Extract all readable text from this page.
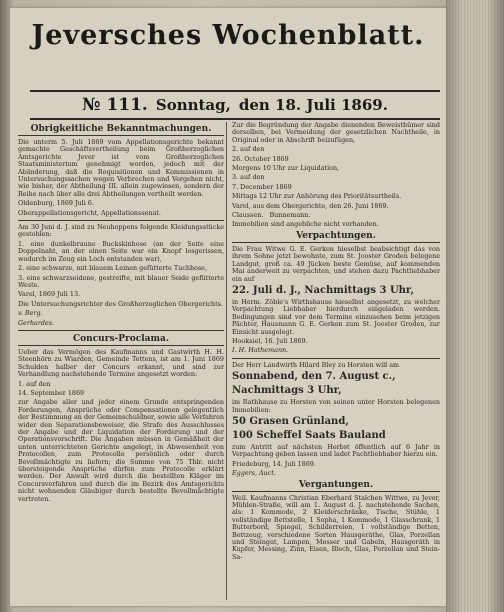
Jeversches Wochenblatt.
№ 111. Sonntag, den 18. Juli 1869.
Obrigkeitliche Bekanntmachungen.

Die unterm 5. Juli 1869 vom Appellationsgerichte bekannt gemachte Geschäftsvertheilung beim Großherzoglichen Amtsgerichte Jever ist vom Großherzoglichen Staatsministerium genehmigt worden, jedoch mit der Abänderung, daß die Requisitionen und Kommissionen in Untersuchungssachen wegen Verbrechen und Vergehen nicht, wie bisher, der Abtheilung III. allein zugewiesen, sondern der Reihe nach über alle drei Abtheilungen vertheilt werden.

Oldenburg, 1869 Juli 6.

Oberappellationsgericht, Appellationssenat.

Am 30 Juni d. J. sind zu Neuhoppens folgende Kleidungsstücke gestohlen:

1. eine dunkelbraune Buckskinhose (an der Seite eine Doppelnaht, an der einen Seite war ein Knopf losgerissen, wodurch im Zeug ein Loch entstanden war),

2. eine schwarze, mit blauem Leinen gefütterte Tuchhose,

3. eine schwarzseidene, gestreifte, mit blauer Seide gefütterte Weste.

Varel, 1869 Juli 13.

Die Untersuchungsrichter des Großherzoglichen Obergerichts.

v. Berg.

Gerhardes.

Concurs-Proclama.

Ueber das Vermögen des Kaufmanns und Gastwirth H. H. Steenhörn zu Wiarden, Gemeinde Tettens, ist am 1. Juni 1869 Schulden halber der Concurs erkannt, und sind zur Verhandlung nachstehende Termine angesetzt worden:

1. auf den

14. September 1869

zur Angabe aller und jeder einem Grunde entspringenden Forderungen, Ansprüche oder Compensationen gelegentlich der Bestimmung an der Gemeinschuldner, sowie alle Verfahren wider den Separationsbeweiser, die Strafe des Ausschlusses der Angabe und der Liquidation der Forderung und der Operationsvorschrift. Die Angaben müssen in Gemäßheit der unten unterrichteten Gerichte angelegt, in Abwesenheit von Protocollen, zum Protocolle persönlich oder durch Bevollmächtigte zu liefern; die Summe von 75 Thlr. nicht übersteigende Ansprüche dürfen zum Protocolle erklärt werden. Der Anwalt wird durch die bestellten Kläger im Concursverfahren und durch die im Bezirk des Amtsgerichts nicht wohnenden Gläubiger durch bestellte Bevollmächtigte vertreten.

Zur die Begründung der Angabe dienenden Beweisthümer sind derselben, bei Vermeidung der gesetzlichen Nachtheile, in Original oder in Abschrift beizufügen,

2. auf den

26. October 1869

Morgens 10 Uhr zur Liquidation,

3. auf den

7. December 1869

Mittags 12 Uhr zur Anhörung des Prioritätsurtheils.

Varel, aus dem Obergerichte, den 26. Juni 1869.

Claussen. Bunnemann.

Immobilien sind angebliche nicht vorhanden.

Verpachtungen.

Die Frau Witwe G. E. Gerken hieselbst beabsichtigt das von ihrem Sohne jetzt bewohnte, zum St. Jooster Groden belegene Landgut, groß ca. 49 Jücken beste Gemüse, auf kommenden Mai anderweit zu verpachten, und stehen dazu Pachtliebhaber ein auf

22. Juli d. J., Nachmittags 3 Uhr,

in Herm. Zöble's Wirthshause hieselbst angesetzt, zu welcher Verpachtung Liebhaber hierdurch eingeladen werden. Bedingungen sind vor dem Termine einzusehen beim jetzigen Pächter, Hausmann G. E. Gerken zum St. Jooster Groden, zur Einsicht ausgelegt.

Hooksiel, 16. Juli 1869.

I. H. Hathemann.

Der Herr Landwirth Hilard Bley zu Horsten will am

Sonnabend, den 7. August c.,

Nachmittags 3 Uhr,

im Rathhause zu Horsten von seinen unter Horsten belegenen Immobilien:

50 Grasen Grünland,

100 Scheffel Saats Bauland

zum Antritt auf nächsten Herbst öffentlich auf 6 Jahr in Verpachtung geben lassen und ladet Pachtliebhaber hierzu ein.

Friedeburg, 14. Juli 1869.

Eggers, Auct.

Vergantungen.

Weil. Kaufmanns Christian Eberhard Stalchen Wittwe, zu Jever, Mühlen-Straße, will am 1. August d. J. nachstehende Sachen, als: 1 Kommode, 2 Kleiderschränke, Tische, Stühle, 1 vollständige Bettstelle, 1 Sopha, 1 Kommode, 1 Glasschrank, 1 Butterbord, Spiegel, Schilderreien, 1 vollständige Betten, Bettzeug, verschiedene Sorten Hausgeräthe, Glas, Porzellan und Steingut, Lampen, Messer und Gabeln, Hausgeräth in Kupfer, Messing, Zinn, Eisen, Blech, Glas, Porzellan und Stein-Sa-
